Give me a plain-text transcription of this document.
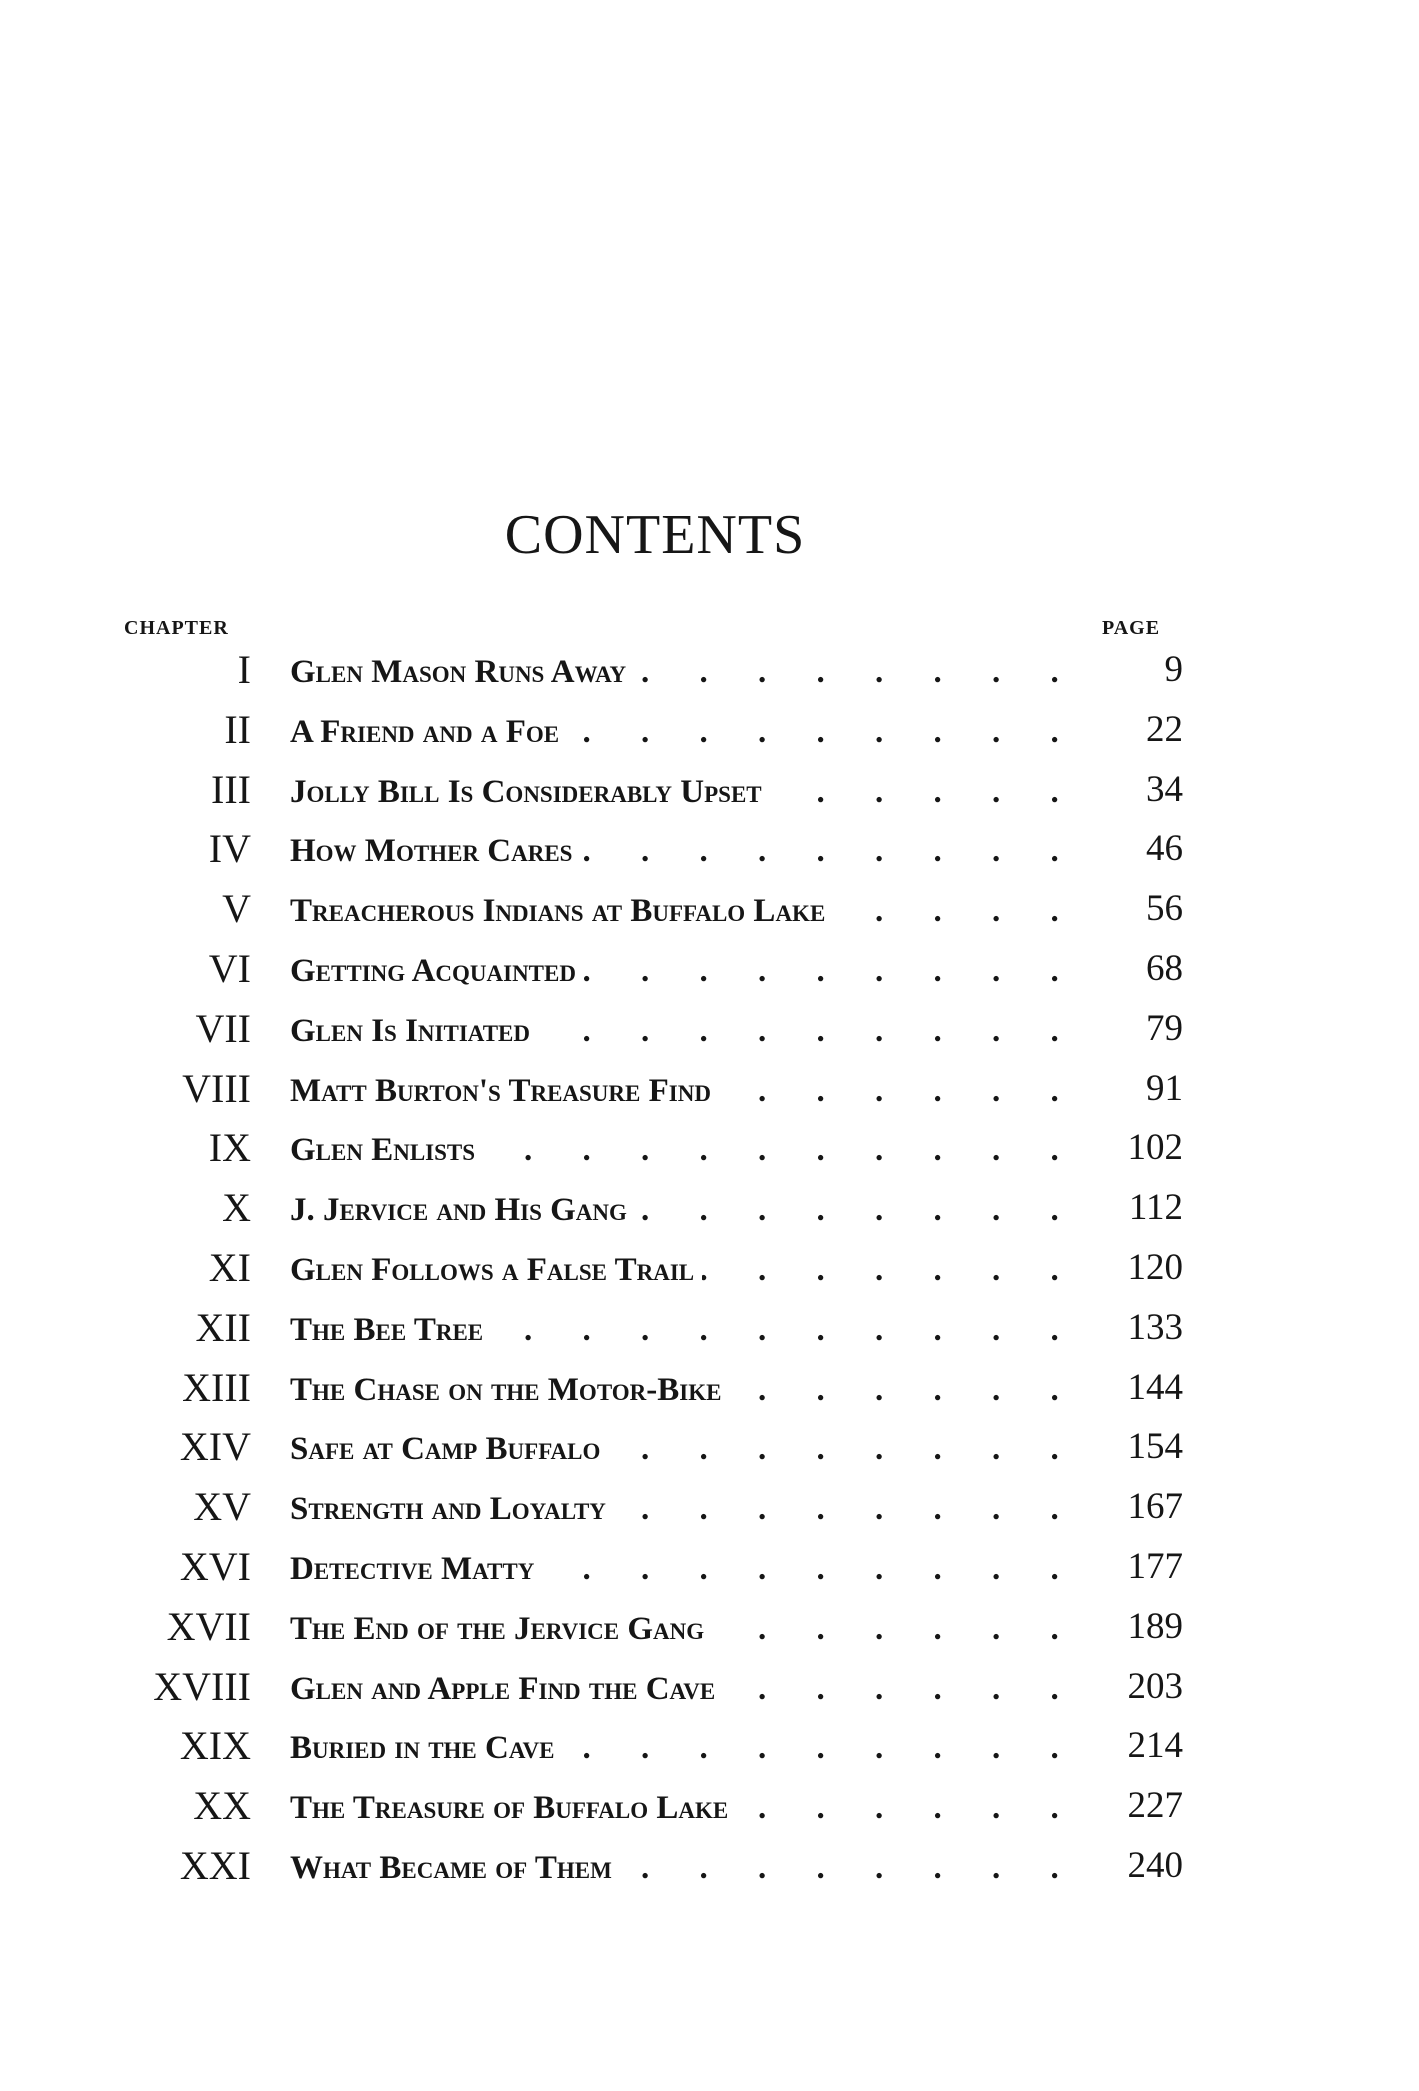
CONTENTS
CHAPTER	PAGE
I Glen Mason Runs Away . . .	9
II A Friend and a Foe . . .	22
III Jolly Bill Is Considerably Upset . . .	34
IV How Mother Cares . . .	46
V Treacherous Indians at Buffalo Lake . . .	56
VI Getting Acquainted . . .	68
VII Glen Is Initiated . . .	79
VIII Matt Burton's Treasure Find . . .	91
IX Glen Enlists . . .	102
X J. Jervice and His Gang . . .	112
XI Glen Follows a False Trail . . .	120
XII The Bee Tree . . .	133
XIII The Chase on the Motor-Bike . . .	144
XIV Safe at Camp Buffalo . . .	154
XV Strength and Loyalty . . .	167
XVI Detective Matty . . .	177
XVII The End of the Jervice Gang . . .	189
XVIII Glen and Apple Find the Cave . . .	203
XIX Buried in the Cave . . .	214
XX The Treasure of Buffalo Lake . . .	227
XXI What Became of Them . . .	240
